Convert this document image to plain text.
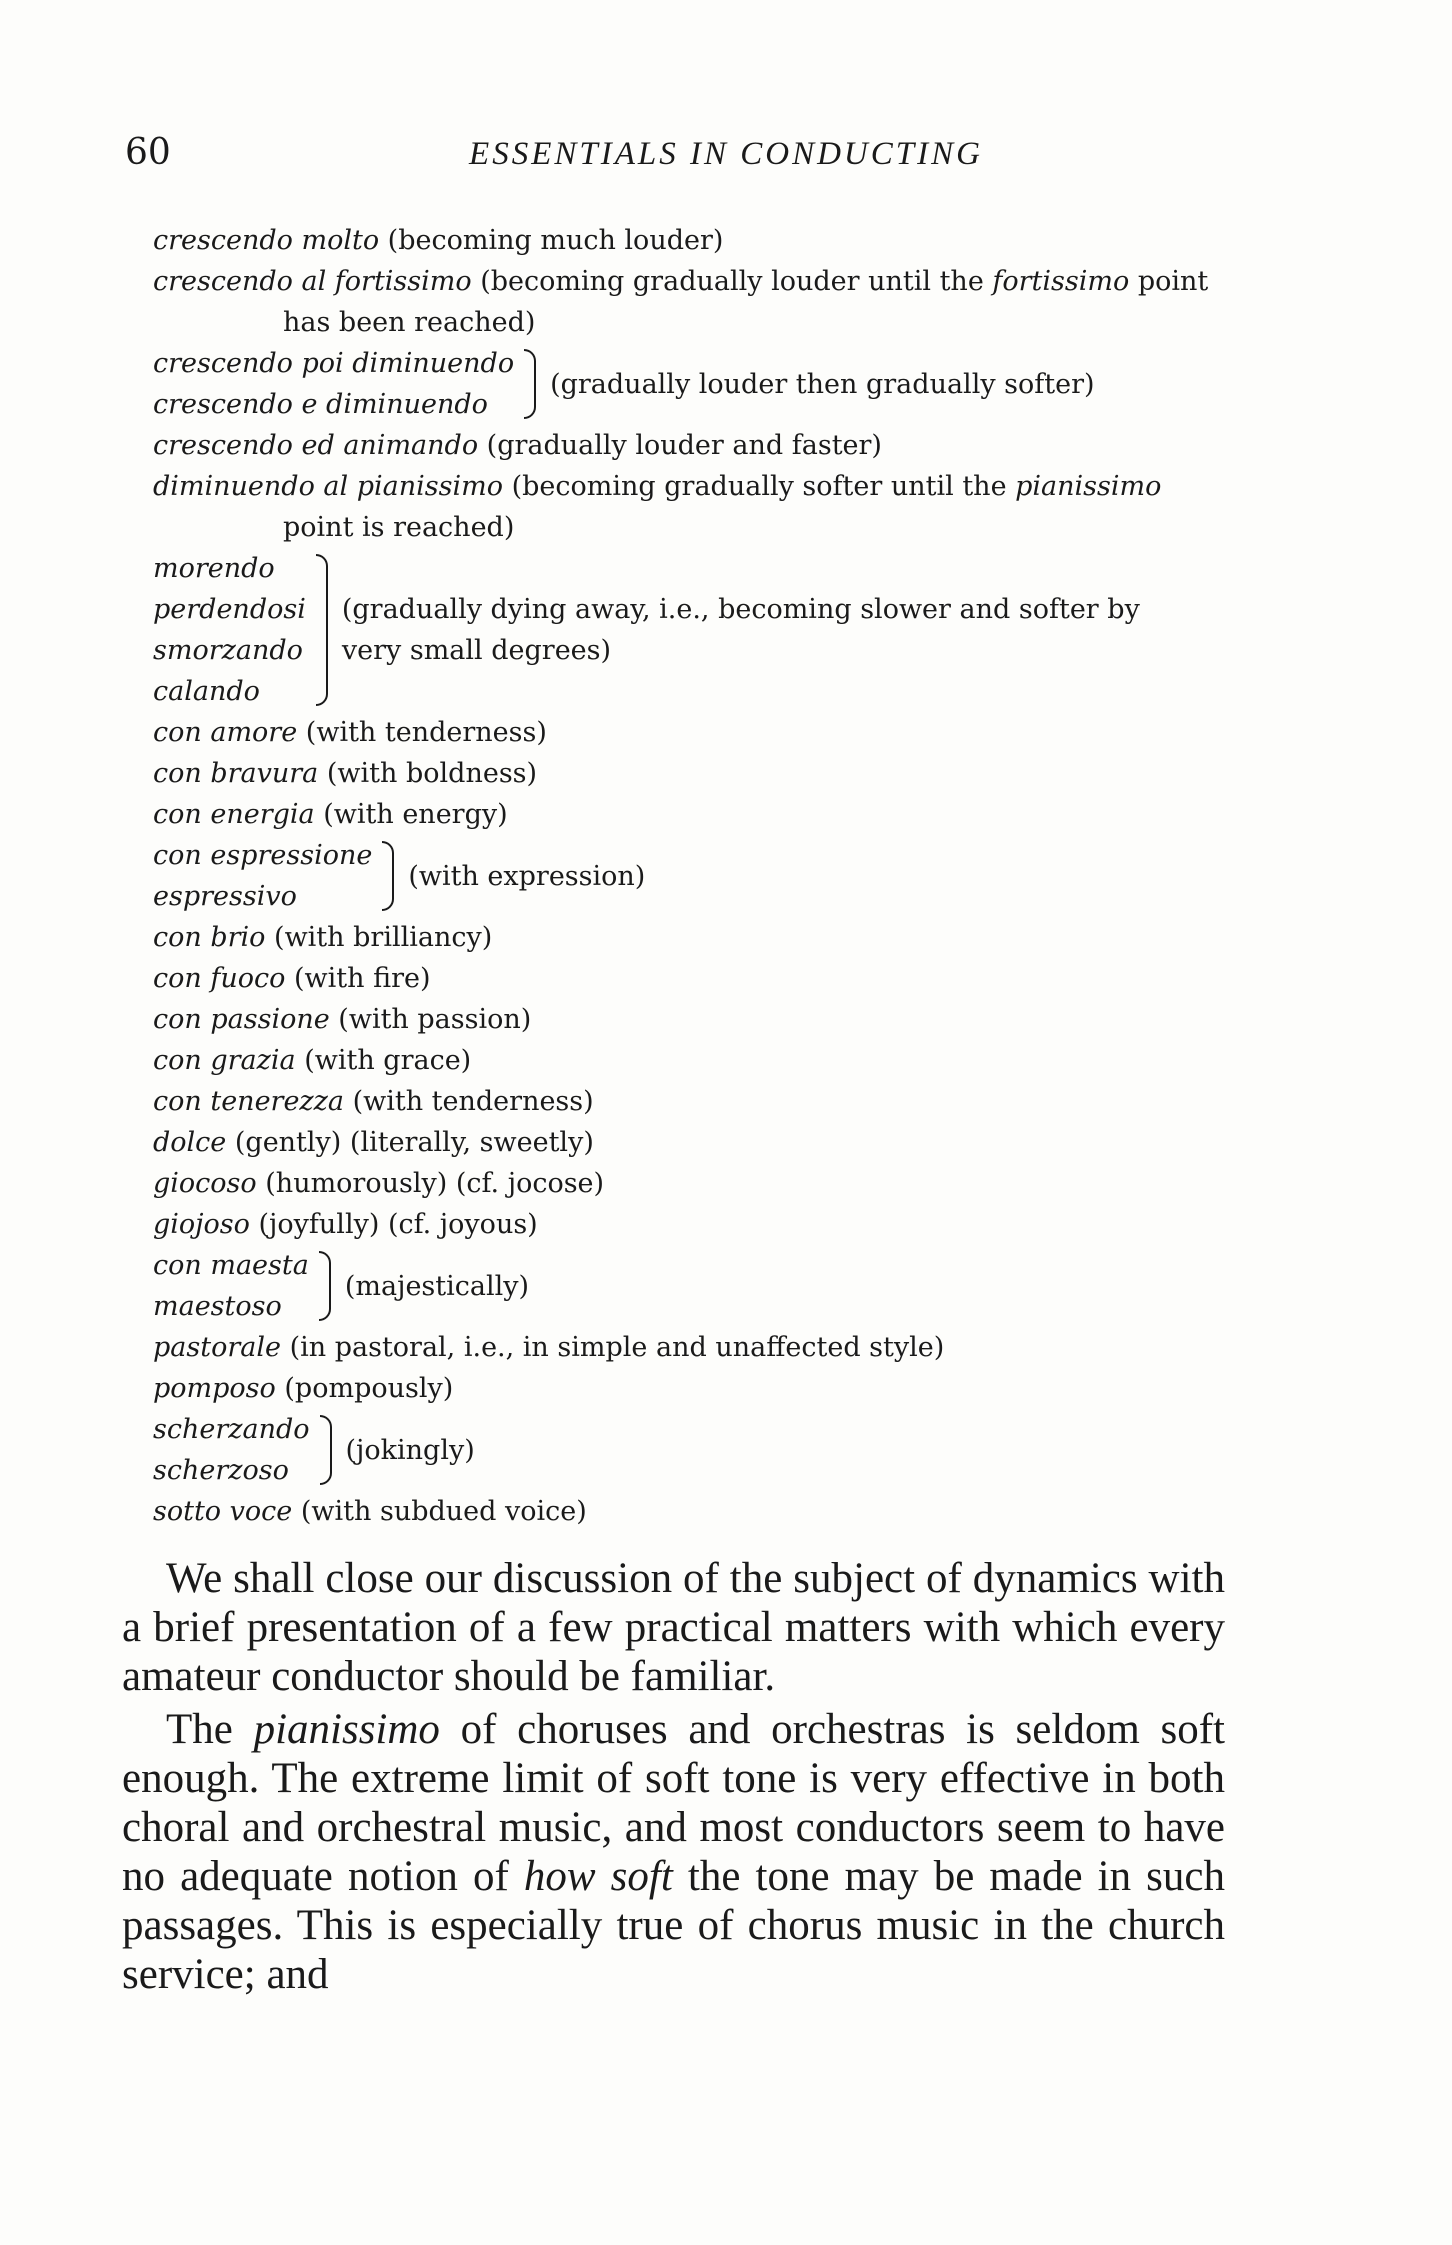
60	ESSENTIALS IN CONDUCTING
crescendo molto (becoming much louder)
crescendo al fortissimo (becoming gradually louder until the fortissimo point
has been reached)
crescendo poi diminuendo
crescendo e diminuendo
(gradually louder then gradually softer)
crescendo ed animando (gradually louder and faster)
diminuendo al pianissimo (becoming gradually softer until the pianissimo
point is reached)
morendo
perdendosi
smorzando
calando
(gradually dying away, i.e., becoming slower and softer by
very small degrees)
con amore (with tenderness)
con bravura (with boldness)
con energia (with energy)
con espressione
espressivo
(with expression)
con brio (with brilliancy)
con fuoco (with fire)
con passione (with passion)
con grazia (with grace)
con tenerezza (with tenderness)
dolce (gently) (literally, sweetly)
giocoso (humorously) (cf. jocose)
giojoso (joyfully) (cf. joyous)
con maesta
maestoso
(majestically)
pastorale (in pastoral, i.e., in simple and unaffected style)
pomposo (pompously)
scherzando
scherzoso
(jokingly)
sotto voce (with subdued voice)

We shall close our discussion of the subject of dynamics with a brief presentation of a few practical matters with which every amateur conductor should be familiar.

The pianissimo of choruses and orchestras is seldom soft enough. The extreme limit of soft tone is very effective in both choral and orchestral music, and most conductors seem to have no adequate notion of how soft the tone may be made in such passages. This is especially true of chorus music in the church service; and
